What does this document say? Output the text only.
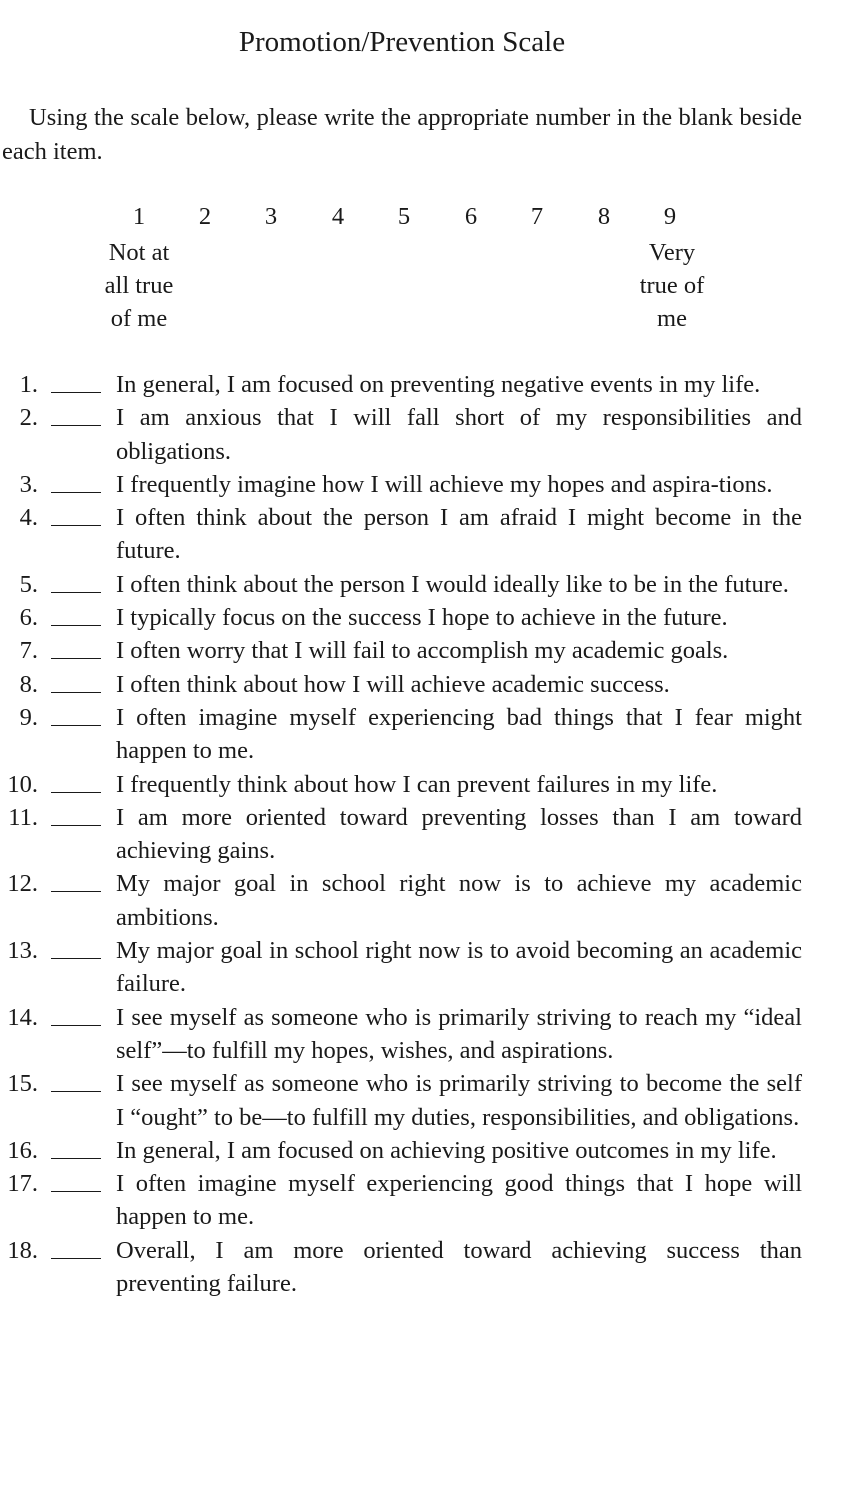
Promotion/Prevention Scale
Using the scale below, please write the appropriate number in the blank beside each item.
1 2 3 4 5 6 7 8 9
Not at
all true
of me
Very
true of
me
1.	In general, I am focused on preventing negative events in my life.
2.	I am anxious that I will fall short of my responsibilities and obligations.
3.	I frequently imagine how I will achieve my hopes and aspira-tions.
4.	I often think about the person I am afraid I might become in the future.
5.	I often think about the person I would ideally like to be in the future.
6.	I typically focus on the success I hope to achieve in the future.
7.	I often worry that I will fail to accomplish my academic goals.
8.	I often think about how I will achieve academic success.
9.	I often imagine myself experiencing bad things that I fear might happen to me.
10.	I frequently think about how I can prevent failures in my life.
11.	I am more oriented toward preventing losses than I am toward achieving gains.
12.	My major goal in school right now is to achieve my academic ambitions.
13.	My major goal in school right now is to avoid becoming an academic failure.
14.	I see myself as someone who is primarily striving to reach my “ideal self”—to fulfill my hopes, wishes, and aspirations.
15.	I see myself as someone who is primarily striving to become the self I “ought” to be—to fulfill my duties, responsibilities, and obligations.
16.	In general, I am focused on achieving positive outcomes in my life.
17.	I often imagine myself experiencing good things that I hope will happen to me.
18.	Overall, I am more oriented toward achieving success than preventing failure.
